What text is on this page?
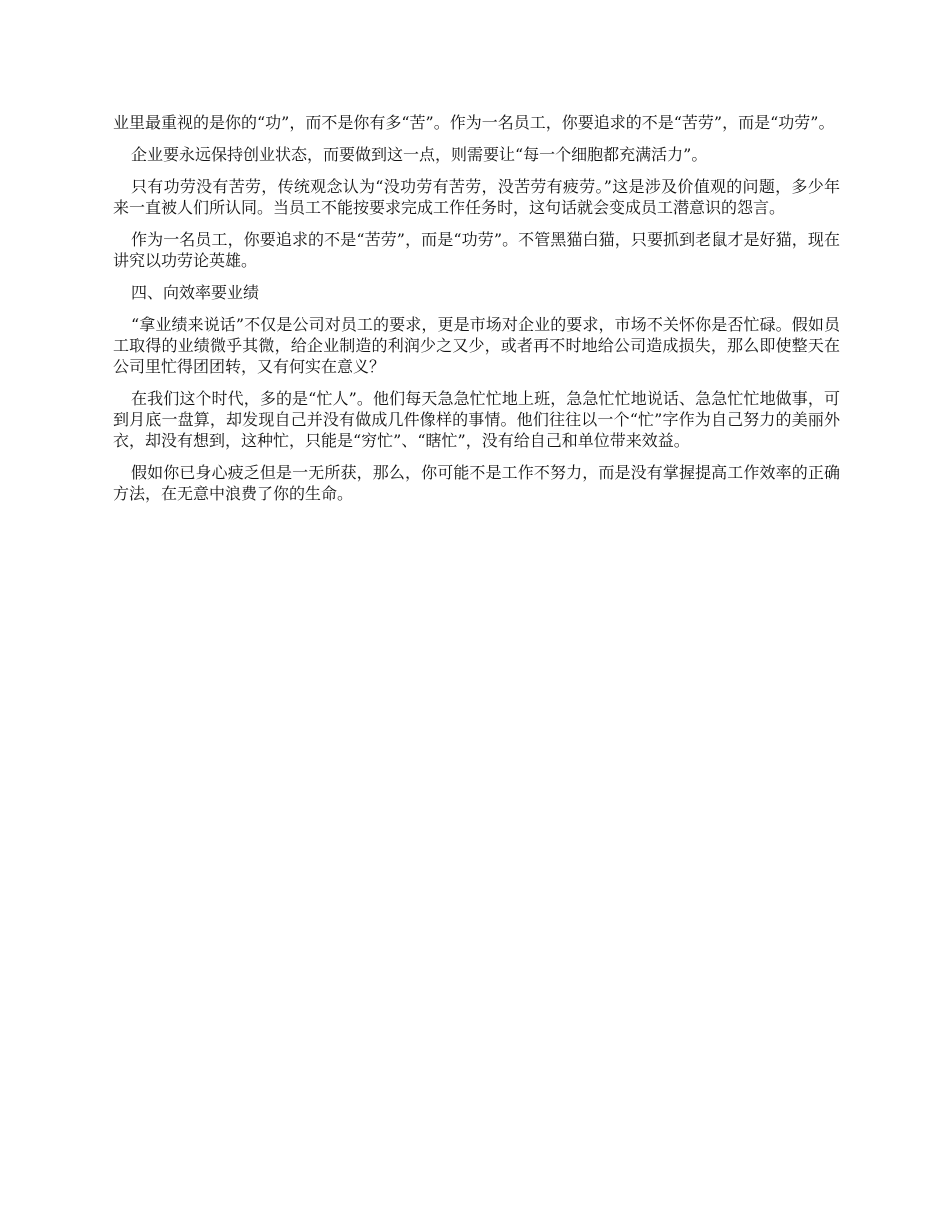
业里最重视的是你的“功”，而不是你有多“苦”。作为一名员工，你要追求的不是“苦劳”，而是“功劳”。

企业要永远保持创业状态，而要做到这一点，则需要让“每一个细胞都充满活力”。

只有功劳没有苦劳，传统观念认为“没功劳有苦劳，没苦劳有疲劳。”这是涉及价值观的问题，多少年来一直被人们所认同。当员工不能按要求完成工作任务时，这句话就会变成员工潜意识的怨言。

作为一名员工，你要追求的不是“苦劳”，而是“功劳”。不管黑猫白猫，只要抓到老鼠才是好猫，现在讲究以功劳论英雄。

四、向效率要业绩

“拿业绩来说话”不仅是公司对员工的要求，更是市场对企业的要求，市场不关怀你是否忙碌。假如员工取得的业绩微乎其微，给企业制造的利润少之又少，或者再不时地给公司造成损失，那么即使整天在公司里忙得团团转，又有何实在意义？

在我们这个时代，多的是“忙人”。他们每天急急忙忙地上班，急急忙忙地说话、急急忙忙地做事，可到月底一盘算，却发现自己并没有做成几件像样的事情。他们往往以一个“忙”字作为自己努力的美丽外衣，却没有想到，这种忙，只能是“穷忙”、“瞎忙”，没有给自己和单位带来效益。

假如你已身心疲乏但是一无所获，那么，你可能不是工作不努力，而是没有掌握提高工作效率的正确方法，在无意中浪费了你的生命。
